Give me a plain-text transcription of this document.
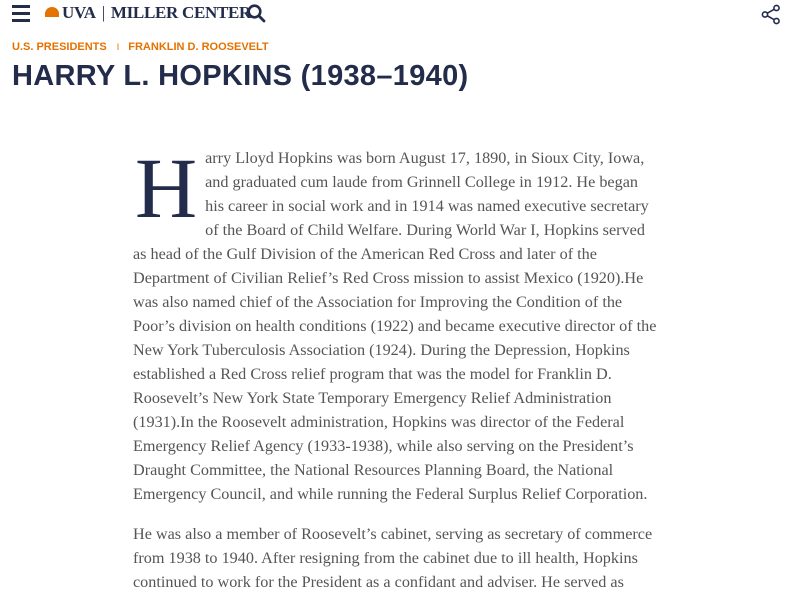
UVA | MILLER CENTER
U.S. PRESIDENTS I FRANKLIN D. ROOSEVELT
HARRY L. HOPKINS (1938–1940)
H arry Lloyd Hopkins was born August 17, 1890, in Sioux City, Iowa,
and graduated cum laude from Grinnell College in 1912. He began
his career in social work and in 1914 was named executive secretary
of the Board of Child Welfare. During World War I, Hopkins served
as head of the Gulf Division of the American Red Cross and later of the
Department of Civilian Relief’s Red Cross mission to assist Mexico (1920).He
was also named chief of the Association for Improving the Condition of the
Poor’s division on health conditions (1922) and became executive director of the
New York Tuberculosis Association (1924). During the Depression, Hopkins
established a Red Cross relief program that was the model for Franklin D.
Roosevelt’s New York State Temporary Emergency Relief Administration
(1931).In the Roosevelt administration, Hopkins was director of the Federal
Emergency Relief Agency (1933-1938), while also serving on the President’s
Draught Committee, the National Resources Planning Board, the National
Emergency Council, and while running the Federal Surplus Relief Corporation.
He was also a member of Roosevelt’s cabinet, serving as secretary of commerce
from 1938 to 1940. After resigning from the cabinet due to ill health, Hopkins
continued to work for the President as a confidant and adviser. He served as
